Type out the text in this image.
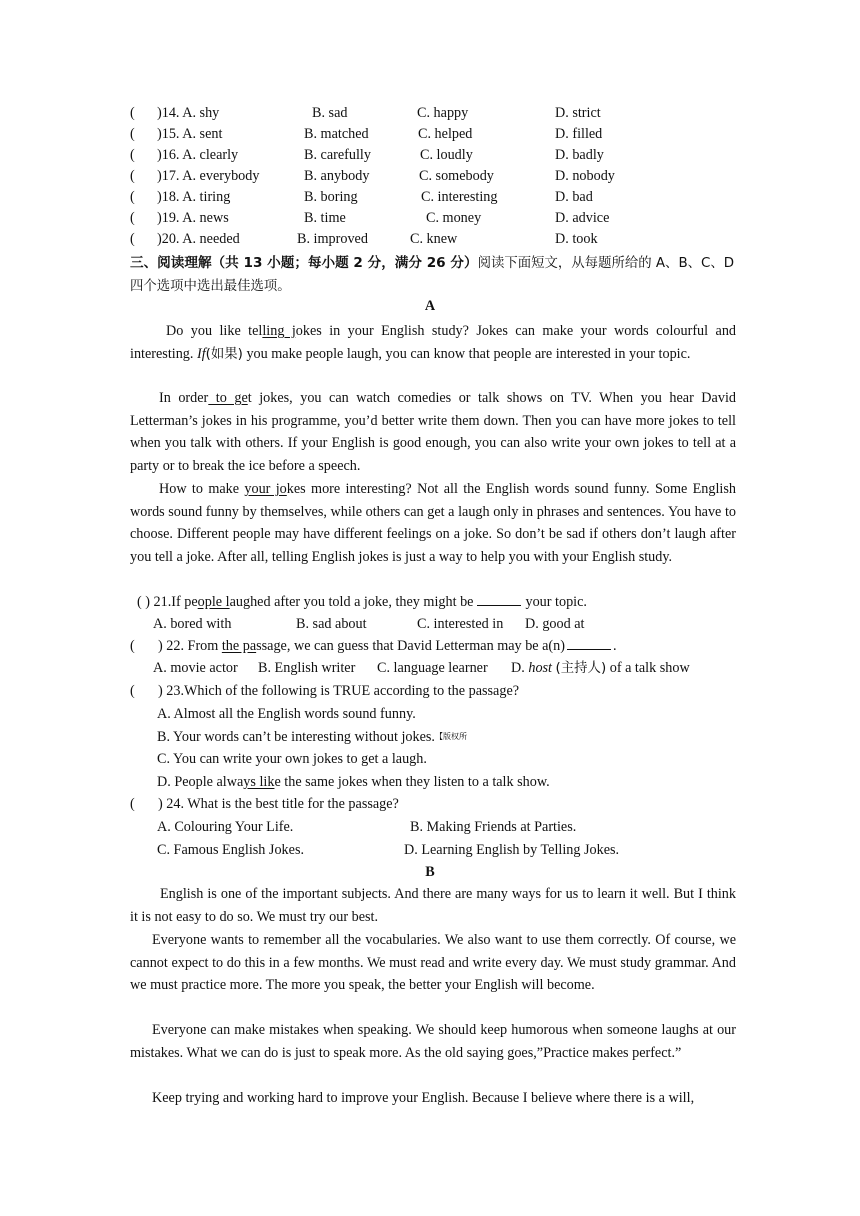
( )14. A. shy	B. sad	C. happy	D. strict
( )15. A. sent	B. matched	C. helped	D. filled
( )16. A. clearly	B. carefully	C. loudly	D. badly
( )17. A. everybody	B. anybody	C. somebody	D. nobody
( )18. A. tiring	B. boring	C. interesting	D. bad
( )19. A. news	B. time	C. money	D. advice
( )20. A. needed	B. improved	C. knew	D. took
三、阅读理解（共 13 小题；每小题 2 分，满分 26 分）阅读下面短文，从每题所给的 A、B、C、D 四个选项中选出最佳选项。
A
Do you like telling jokes in your English study? Jokes can make your words colourful and interesting. If(如果) you make people laugh, you can know that people are interested in your topic.
In order to get jokes, you can watch comedies or talk shows on TV. When you hear David Letterman’s jokes in his programme, you’d better write them down. Then you can have more jokes to tell when you talk with others. If your English is good enough, you can also write your own jokes to tell at a party or to break the ice before a speech.
How to make your jokes more interesting? Not all the English words sound funny. Some English words sound funny by themselves, while others can get a laugh only in phrases and sentences. You have to choose. Different people may have different feelings on a joke. So don’t be sad if others don’t laugh after you tell a joke. After all, telling English jokes is just a way to help you with your English study.
( ) 21.If people laughed after you told a joke, they might be	your topic.
A. bored with	B. sad about	C. interested in D. good at
( ) 22. From the passage, we can guess that David Letterman may be a(n)	.
A. movie actor B. English writer C. language learner D. host (主持人) of a talk show
( ) 23.Which of the following is TRUE according to the passage?
A. Almost all the English words sound funny.
B. Your words can’t be interesting without jokes.【版权所
C. You can write your own jokes to get a laugh.
D. People always like the same jokes when they listen to a talk show.
( ) 24. What is the best title for the passage?
A. Colouring Your Life.	B. Making Friends at Parties.
C. Famous English Jokes.	D. Learning English by Telling Jokes.
B
English is one of the important subjects. And there are many ways for us to learn it well. But I think it is not easy to do so. We must try our best.
Everyone wants to remember all the vocabularies. We also want to use them correctly. Of course, we cannot expect to do this in a few months. We must read and write every day. We must study grammar. And we must practice more. The more you speak, the better your English will become.
Everyone can make mistakes when speaking. We should keep humorous when someone laughs at our mistakes. What we can do is just to speak more. As the old saying goes,”Practice makes perfect.”
Keep trying and working hard to improve your English. Because I believe where there is a will,
